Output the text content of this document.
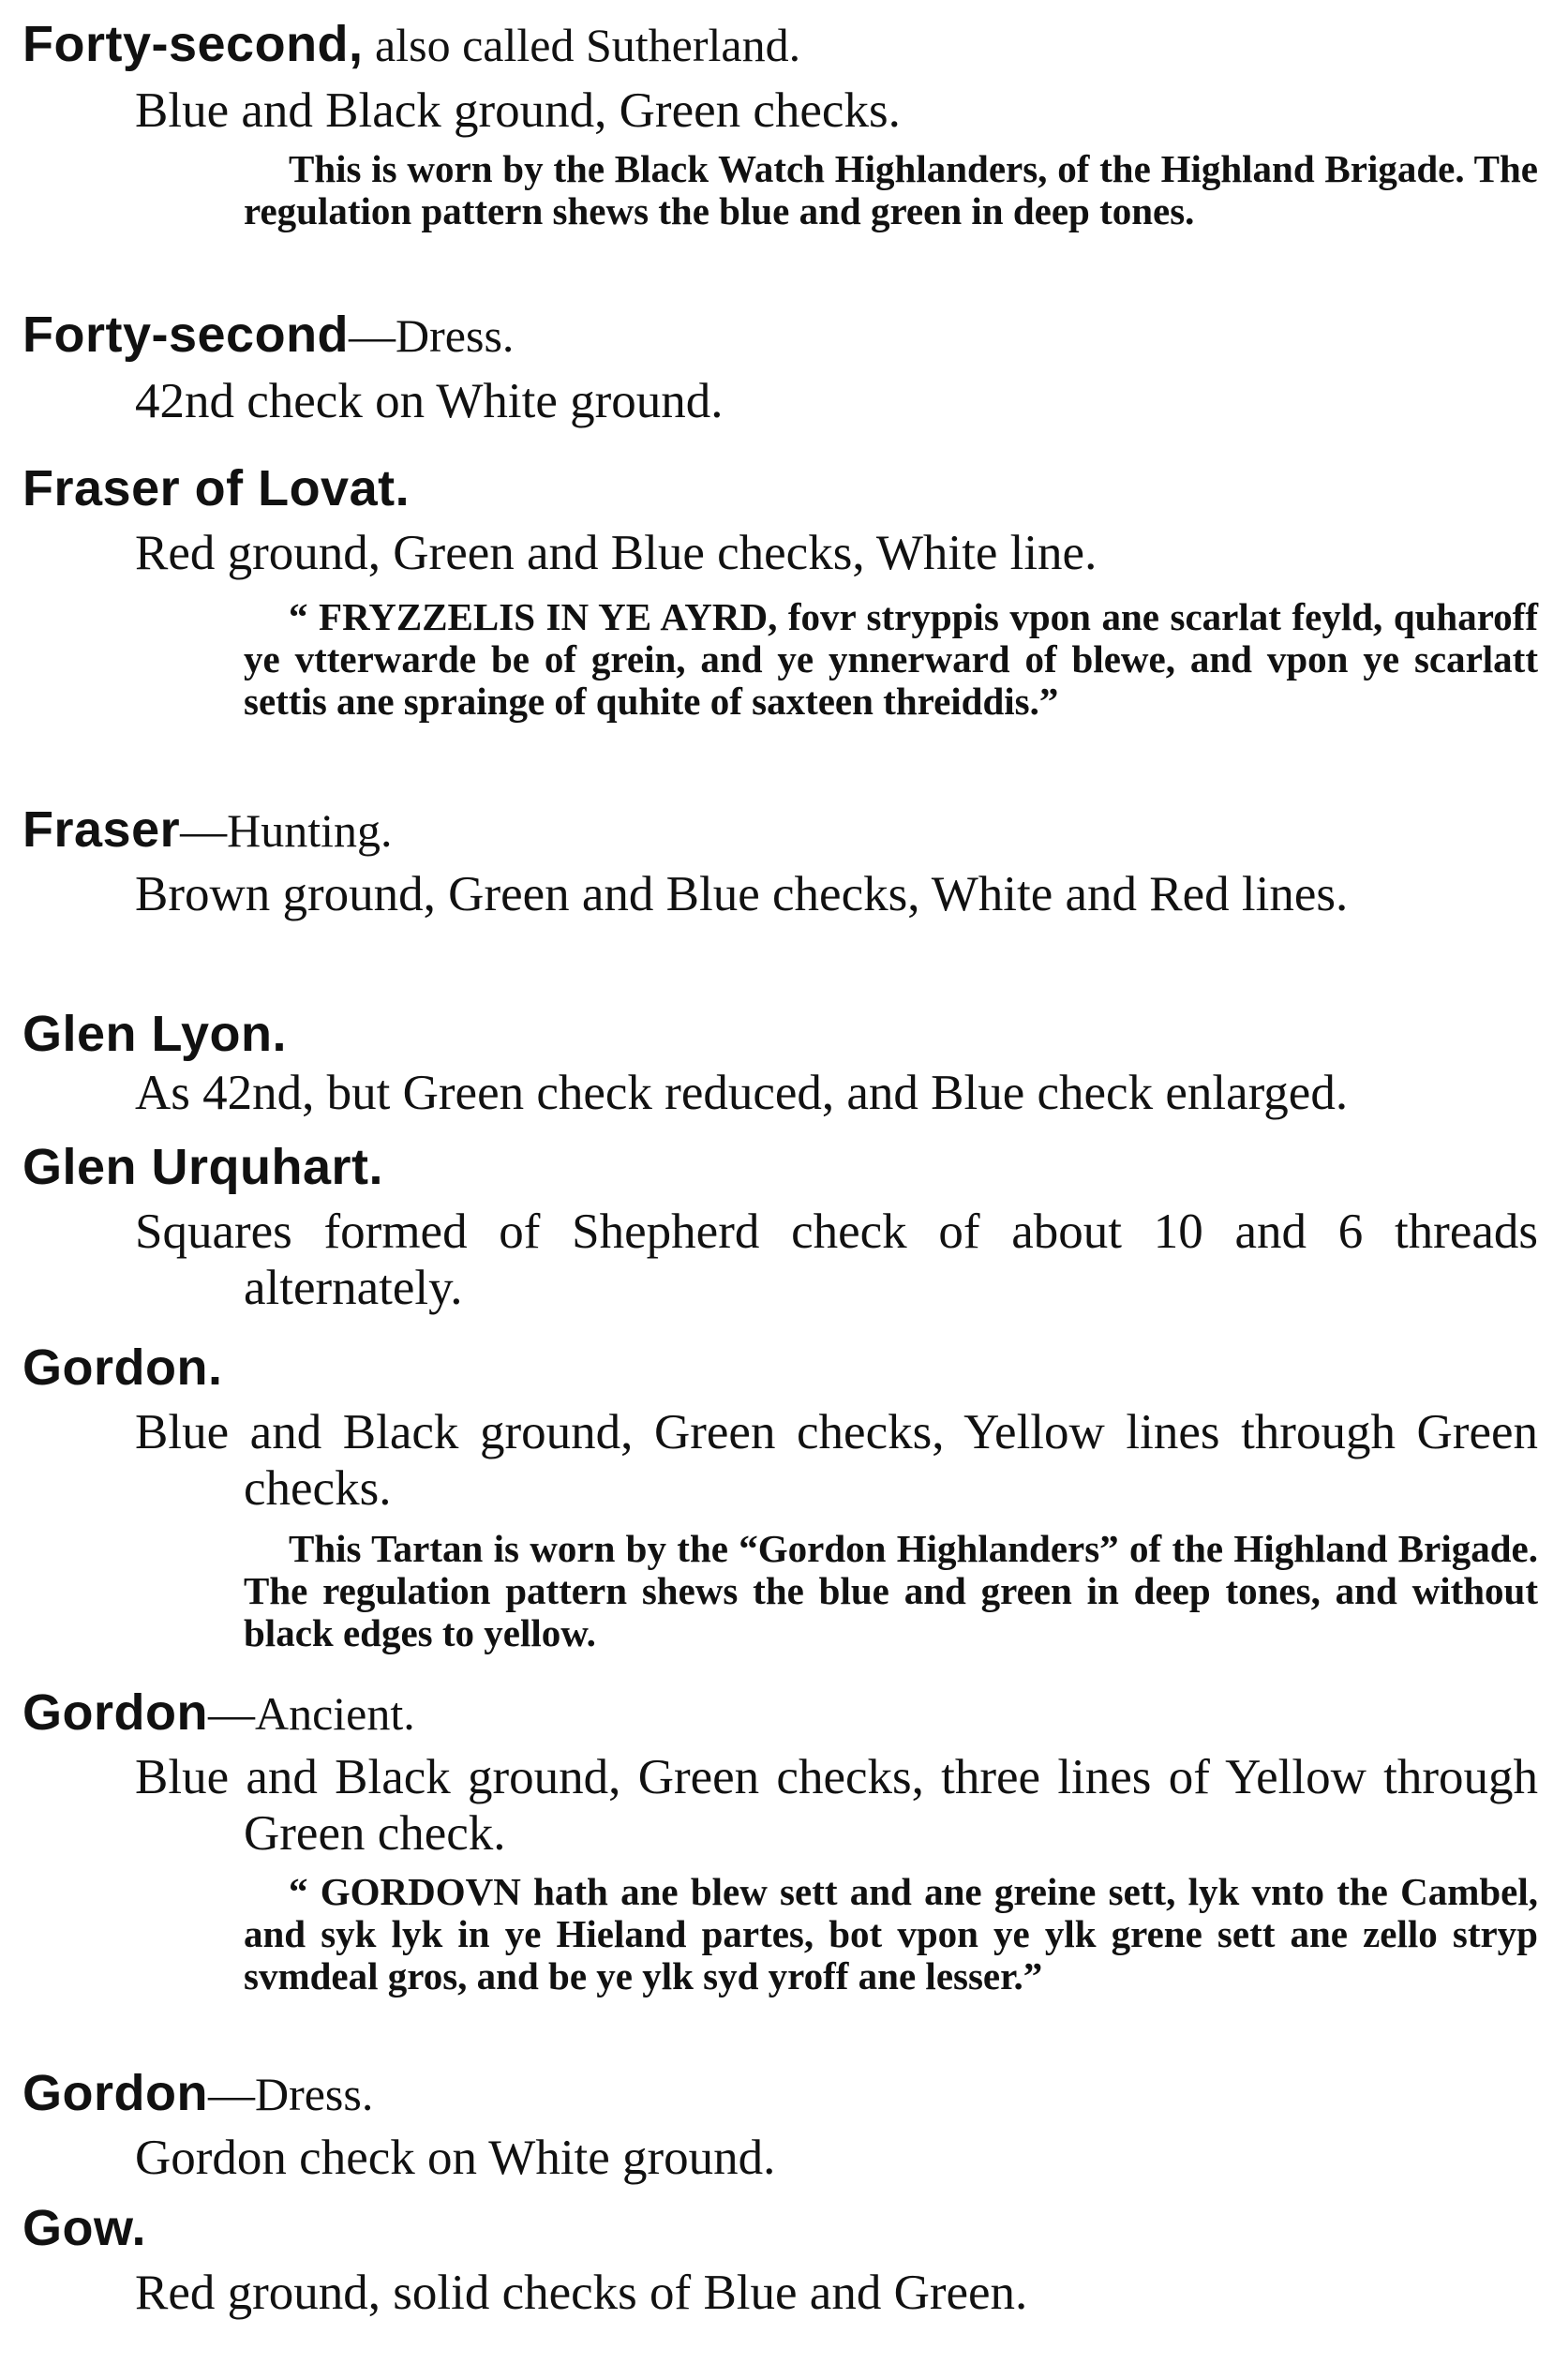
Forty-second, also called Sutherland.
Blue and Black ground, Green checks.
This is worn by the Black Watch Highlanders, of the Highland Brigade. The regulation pattern shews the blue and green in deep tones.
Forty-second—Dress.
42nd check on White ground.
Fraser of Lovat.
Red ground, Green and Blue checks, White line.
“ FRYZZELIS IN YE AYRD, fovr stryppis vpon ane scarlat feyld, quharoff ye vtterwarde be of grein, and ye ynnerward of blewe, and vpon ye scarlatt settis ane sprainge of quhite of saxteen threiddis.”
Fraser—Hunting.
Brown ground, Green and Blue checks, White and Red lines.
Glen Lyon.
As 42nd, but Green check reduced, and Blue check enlarged.
Glen Urquhart.
Squares formed of Shepherd check of about 10 and 6 threads alternately.
Gordon.
Blue and Black ground, Green checks, Yellow lines through Green checks.
This Tartan is worn by the “Gordon Highlanders” of the Highland Brigade. The regulation pattern shews the blue and green in deep tones, and without black edges to yellow.
Gordon—Ancient.
Blue and Black ground, Green checks, three lines of Yellow through Green check.
“ GORDOVN hath ane blew sett and ane greine sett, lyk vnto the Cambel, and syk lyk in ye Hieland partes, bot vpon ye ylk grene sett ane zello stryp svmdeal gros, and be ye ylk syd yroff ane lesser.”
Gordon—Dress.
Gordon check on White ground.
Gow.
Red ground, solid checks of Blue and Green.
